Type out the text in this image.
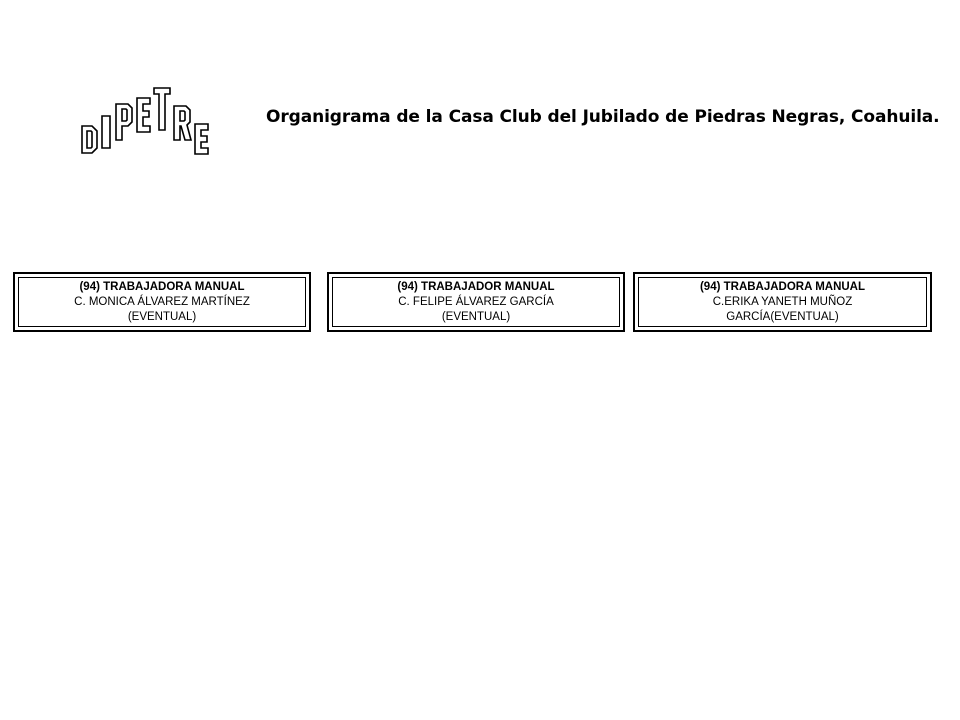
Organigrama de la Casa Club del Jubilado de Piedras Negras, Coahuila.
(94) TRABAJADORA MANUAL
C. MONICA ÁLVAREZ MARTÍNEZ
(EVENTUAL)
(94) TRABAJADOR MANUAL
C. FELIPE ÁLVAREZ GARCÍA
(EVENTUAL)
(94) TRABAJADORA MANUAL
C.ERIKA YANETH MUÑOZ
GARCÍA(EVENTUAL)
